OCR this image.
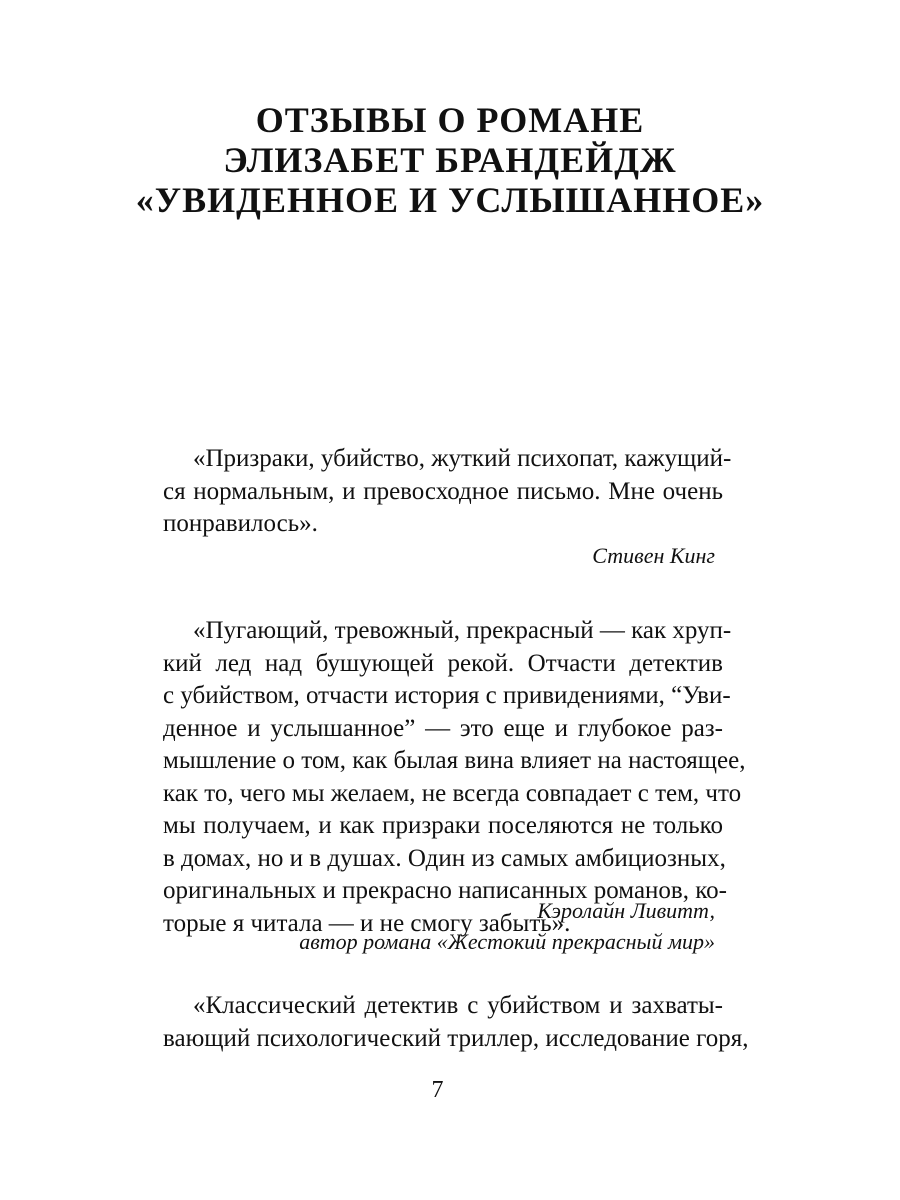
ОТЗЫВЫ О РОМАНЕ
ЭЛИЗАБЕТ БРАНДЕЙДЖ
«УВИДЕННОЕ И УСЛЫШАННОЕ»
«Призраки, убийство, жуткий психопат, кажущий-
ся нормальным, и превосходное письмо. Мне очень
понравилось».
Стивен Кинг
«Пугающий, тревожный, прекрасный — как хруп-
кий лед над бушующей рекой. Отчасти детектив
с убийством, отчасти история с привидениями, “Уви-
денное и услышанное” — это еще и глубокое раз-
мышление о том, как былая вина влияет на настоящее,
как то, чего мы желаем, не всегда совпадает с тем, что
мы получаем, и как призраки поселяются не только
в домах, но и в душах. Один из самых амбициозных,
оригинальных и прекрасно написанных романов, ко-
торые я читала — и не смогу забыть».
Кэролайн Ливитт,
автор романа «Жестокий прекрасный мир»
«Классический детектив с убийством и захваты-
вающий психологический триллер, исследование горя,
7
